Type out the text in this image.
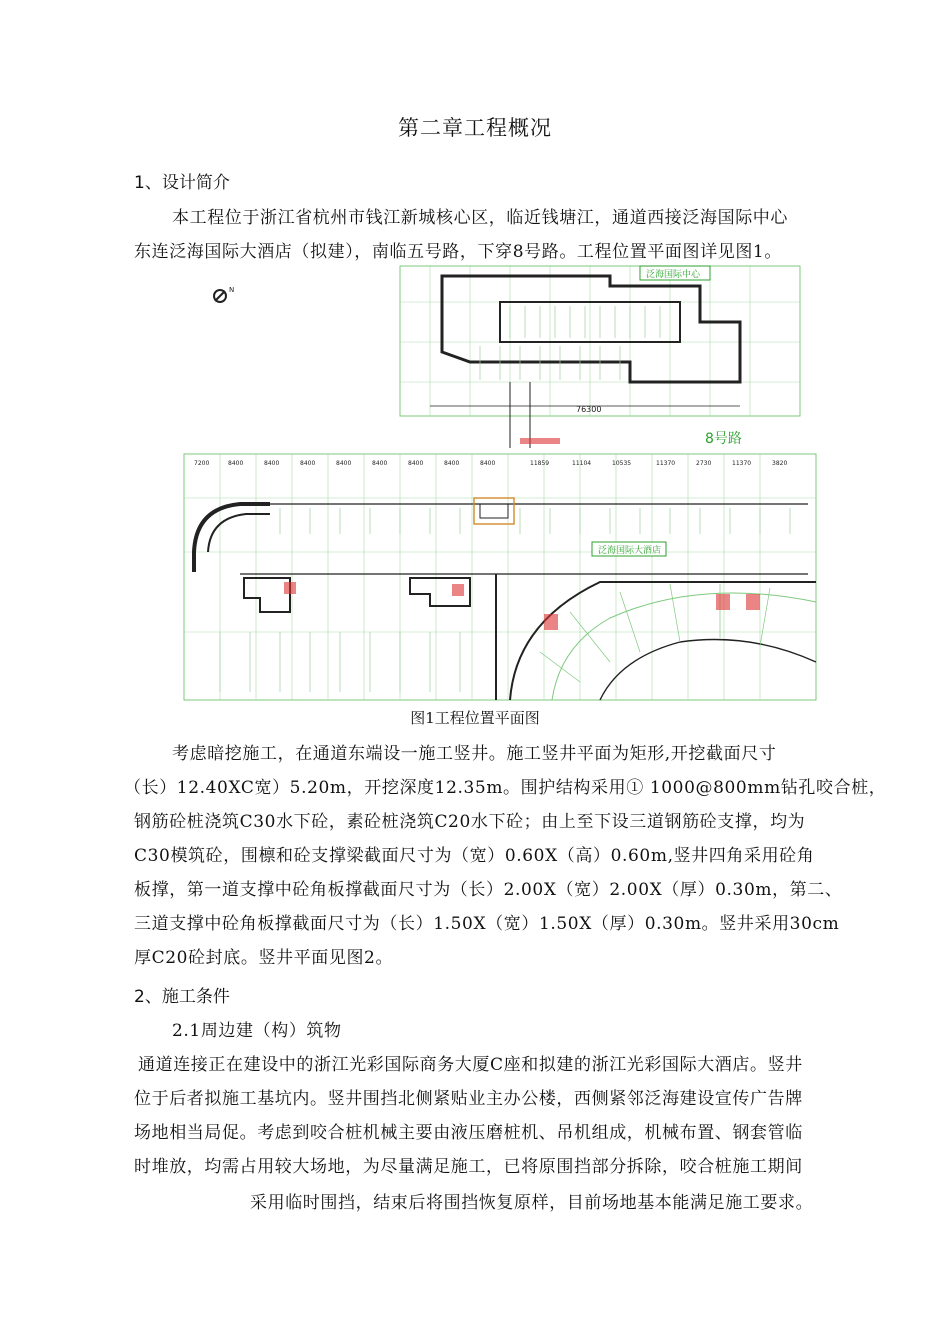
第二章工程概况
1、设计简介
本工程位于浙江省杭州市钱江新城核心区，临近钱塘江，通道西接泛海国际中心
东连泛海国际大酒店（拟建），南临五号路，下穿8号路。工程位置平面图详见图1。
N
泛海国际中心
76300
8号路
7200	8400	8400	8400	8400	8400	8400	8400	8400	11859	11104	10535	11370	2730	11370	3820
泛海国际大酒店
图1工程位置平面图
考虑暗挖施工，在通道东端设一施工竖井。施工竖井平面为矩形,开挖截面尺寸
（长）12.40XC宽）5.20m，开挖深度12.35m。围护结构采用① 1000@800mm钻孔咬合桩，
钢筋砼桩浇筑C30水下砼，素砼桩浇筑C20水下砼；由上至下设三道钢筋砼支撑，均为
C30模筑砼，围檩和砼支撑梁截面尺寸为（宽）0.60X（高）0.60m,竖井四角采用砼角
板撑，第一道支撑中砼角板撑截面尺寸为（长）2.00X（宽）2.00X（厚）0.30m，第二、
三道支撑中砼角板撑截面尺寸为（长）1.50X（宽）1.50X（厚）0.30m。竖井采用30cm
厚C20砼封底。竖井平面见图2。
2、施工条件
2.1周边建（构）筑物
通道连接正在建设中的浙江光彩国际商务大厦C座和拟建的浙江光彩国际大酒店。竖井
位于后者拟施工基坑内。竖井围挡北侧紧贴业主办公楼，西侧紧邻泛海建设宣传广告牌
场地相当局促。考虑到咬合桩机械主要由液压磨桩机、吊机组成，机械布置、钢套管临
时堆放，均需占用较大场地，为尽量满足施工，已将原围挡部分拆除，咬合桩施工期间
采用临时围挡，结束后将围挡恢复原样，目前场地基本能满足施工要求。
